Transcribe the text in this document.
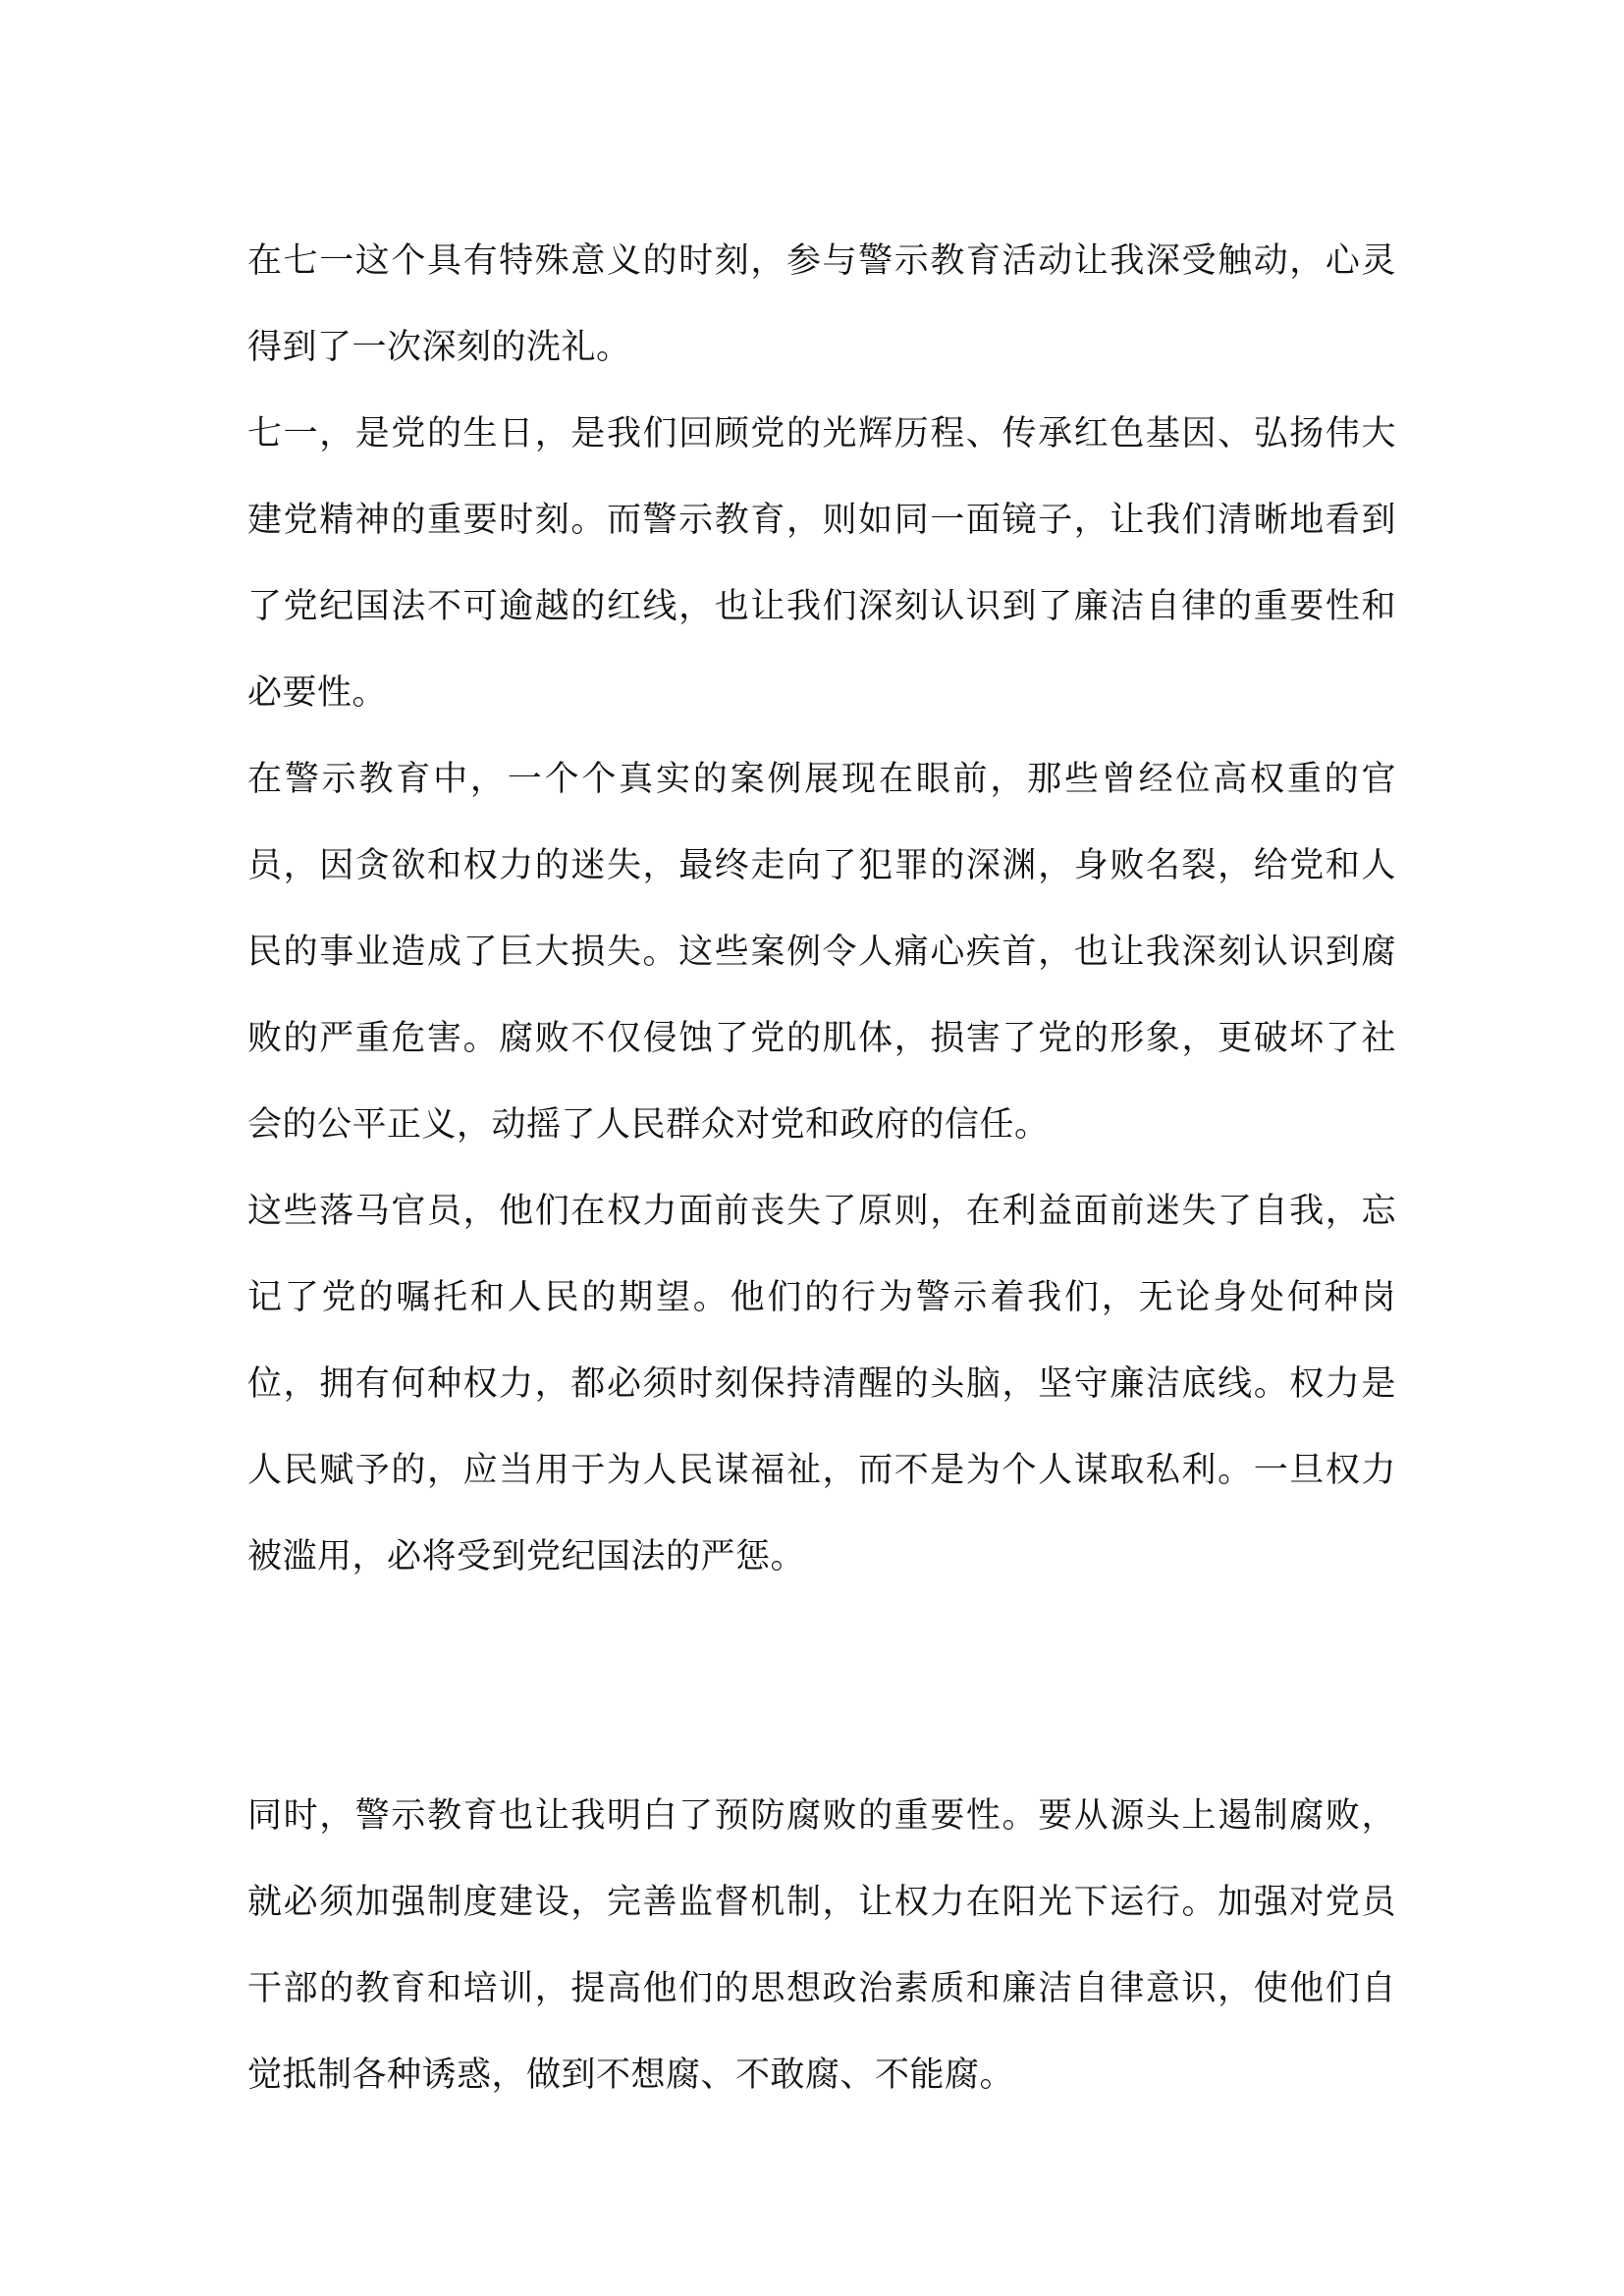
在七一这个具有特殊意义的时刻，参与警示教育活动让我深受触动，心灵得到了一次深刻的洗礼。

七一，是党的生日，是我们回顾党的光辉历程、传承红色基因、弘扬伟大建党精神的重要时刻。而警示教育，则如同一面镜子，让我们清晰地看到了党纪国法不可逾越的红线，也让我们深刻认识到了廉洁自律的重要性和必要性。

在警示教育中，一个个真实的案例展现在眼前，那些曾经位高权重的官员，因贪欲和权力的迷失，最终走向了犯罪的深渊，身败名裂，给党和人民的事业造成了巨大损失。这些案例令人痛心疾首，也让我深刻认识到腐败的严重危害。腐败不仅侵蚀了党的肌体，损害了党的形象，更破坏了社会的公平正义，动摇了人民群众对党和政府的信任。

这些落马官员，他们在权力面前丧失了原则，在利益面前迷失了自我，忘记了党的嘱托和人民的期望。他们的行为警示着我们，无论身处何种岗位，拥有何种权力，都必须时刻保持清醒的头脑，坚守廉洁底线。权力是人民赋予的，应当用于为人民谋福祉，而不是为个人谋取私利。一旦权力被滥用，必将受到党纪国法的严惩。

同时，警示教育也让我明白了预防腐败的重要性。要从源头上遏制腐败，就必须加强制度建设，完善监督机制，让权力在阳光下运行。加强对党员干部的教育和培训，提高他们的思想政治素质和廉洁自律意识，使他们自觉抵制各种诱惑，做到不想腐、不敢腐、不能腐。
